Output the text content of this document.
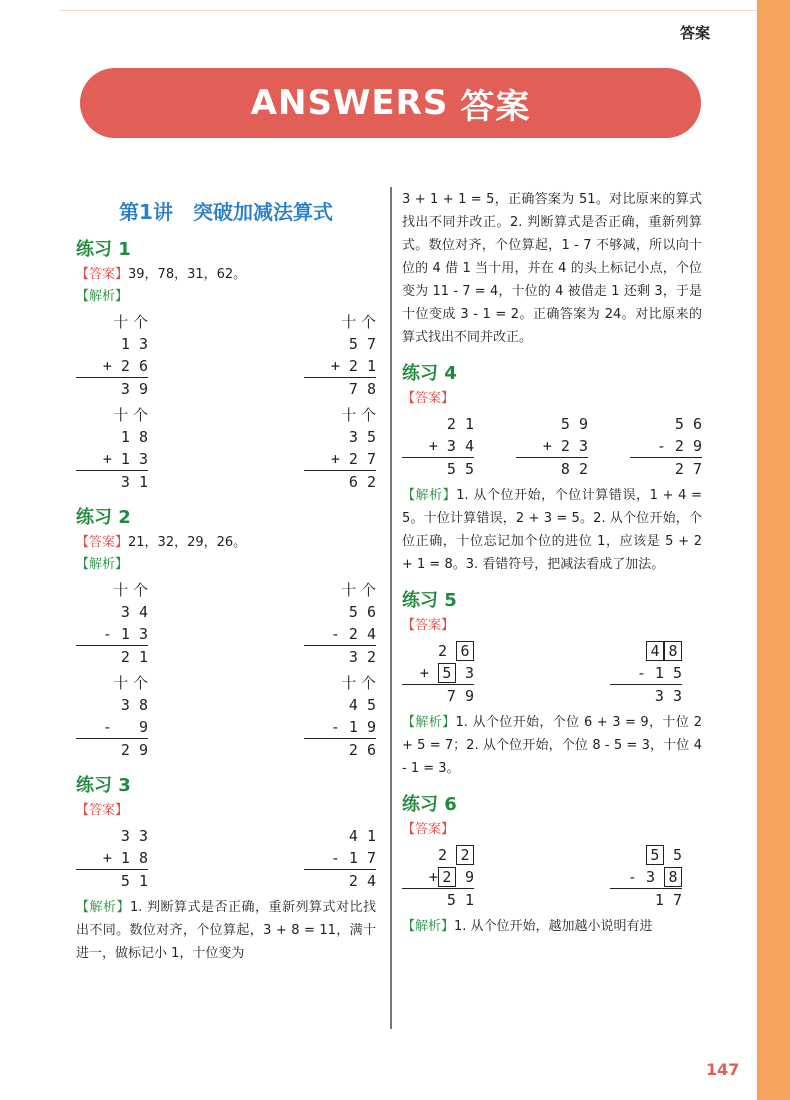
答案
ANSWERS 答案
第1讲　突破加减法算式
练习 1
【答案】39，78，31，62。
【解析】
十 个
1 3
+ 2 6
3 9
十 个
5 7
+ 2 1
7 8
十 个
1 8
+ 1 3
3 1
十 个
3 5
+ 2 7
6 2
练习 2
【答案】21，32，29，26。
【解析】
十 个
3 4
- 1 3
2 1
十 个
5 6
- 2 4
3 2
十 个
3 8
-   9
2 9
十 个
4 5
- 1 9
2 6
练习 3
【答案】
3 3
+ 1 8
5 1
4 1
- 1 7
2 4
【解析】1. 判断算式是否正确，重新列算式对比找出不同。数位对齐，个位算起，3 + 8 = 11，满十进一，做标记小 1，十位变为
3 + 1 + 1 = 5，正确答案为 51。对比原来的算式找出不同并改正。2. 判断算式是否正确，重新列算式。数位对齐，个位算起，1 - 7 不够减，所以向十位的 4 借 1 当十用，并在 4 的头上标记小点，个位变为 11 - 7 = 4，十位的 4 被借走 1 还剩 3，于是十位变成 3 - 1 = 2。正确答案为 24。对比原来的算式找出不同并改正。
练习 4
【答案】
2 1
+ 3 4
5 5
5 9
+ 2 3
8 2
5 6
- 2 9
2 7
【解析】1. 从个位开始，个位计算错误，1 + 4 = 5。十位计算错误，2 + 3 = 5。2. 从个位开始，个位正确，十位忘记加个位的进位 1，应该是 5 + 2 + 1 = 8。3. 看错符号，把减法看成了加法。
练习 5
【答案】
2 6
+ 5 3
7 9
4 8
- 1 5
3 3
【解析】1. 从个位开始，个位 6 + 3 = 9，十位 2 + 5 = 7；2. 从个位开始，个位 8 - 5 = 3，十位 4 - 1 = 3。
练习 6
【答案】
2 2
+ 2 9
5 1
5 5
- 3 8
1 7
【解析】1. 从个位开始，越加越小说明有进
147
